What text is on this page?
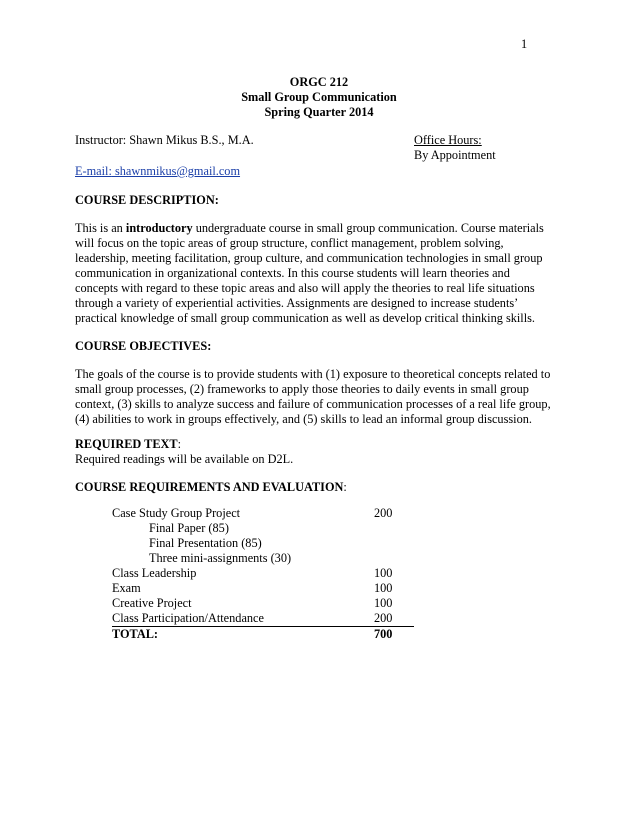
1
ORGC 212
Small Group Communication
Spring Quarter 2014
Instructor: Shawn Mikus B.S., M.A.	Office Hours:
By Appointment
E-mail: shawnmikus@gmail.com
COURSE DESCRIPTION:

This is an introductory undergraduate course in small group communication. Course materials

will focus on the topic areas of group structure, conflict management, problem solving,

leadership, meeting facilitation, group culture, and communication technologies in small group

communication in organizational contexts. In this course students will learn theories and

concepts with regard to these topic areas and also will apply the theories to real life situations

through a variety of experiential activities. Assignments are designed to increase students’

practical knowledge of small group communication as well as develop critical thinking skills.

COURSE OBJECTIVES:

The goals of the course is to provide students with (1) exposure to theoretical concepts related to

small group processes, (2) frameworks to apply those theories to daily events in small group

context, (3) skills to analyze success and failure of communication processes of a real life group,

(4) abilities to work in groups effectively, and (5) skills to lead an informal group discussion.

REQUIRED TEXT:
Required readings will be available on D2L.
COURSE REQUIREMENTS AND EVALUATION:
Case Study Group Project	200
Final Paper (85)
Final Presentation (85)
Three mini-assignments (30)
Class Leadership	100
Exam	100
Creative Project	100
Class Participation/Attendance	200
TOTAL:	700
